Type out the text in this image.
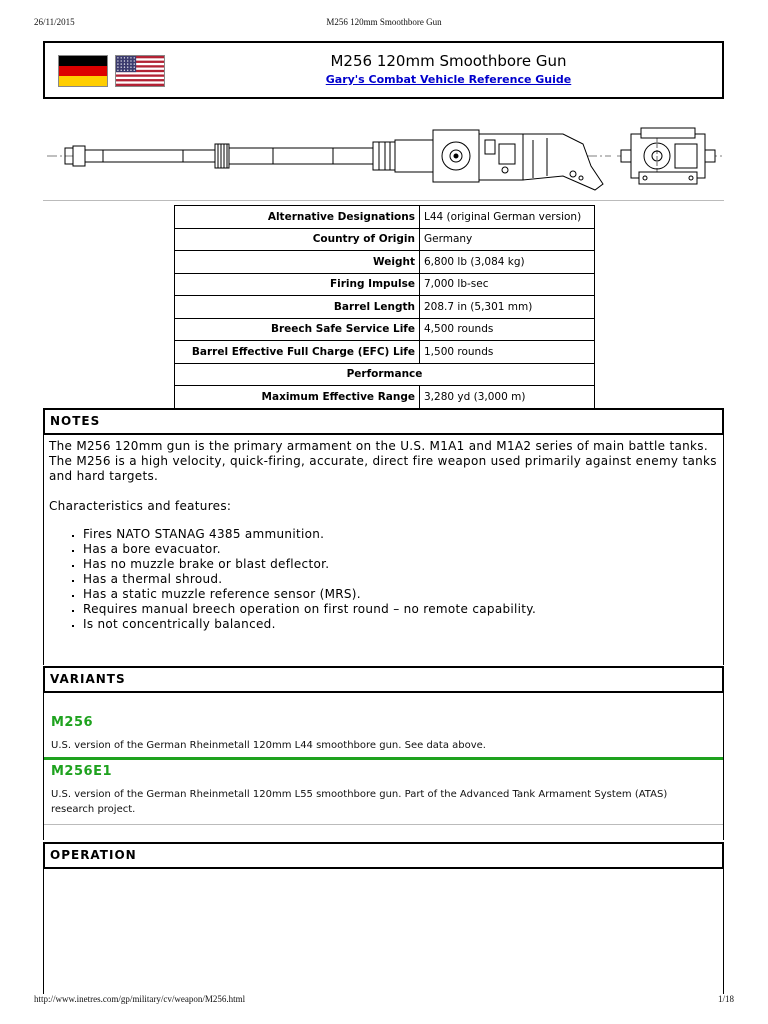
26/11/2015	M256 120mm Smoothbore Gun
M256 120mm Smoothbore Gun
Gary's Combat Vehicle Reference Guide
Alternative Designations	L44 (original German version)
Country of Origin	Germany
Weight	6,800 lb (3,084 kg)
Firing Impulse	7,000 lb-sec
Barrel Length	208.7 in (5,301 mm)
Breech Safe Service Life	4,500 rounds
Barrel Effective Full Charge (EFC) Life	1,500 rounds
Performance	
Maximum Effective Range	3,280 yd (3,000 m)
NOTES

The M256 120mm gun is the primary armament on the U.S. M1A1 and M1A2 series of main battle tanks. The M256 is a high velocity, quick-firing, accurate, direct fire weapon used primarily against enemy tanks and hard targets.

Characteristics and features:

▪ Fires NATO STANAG 4385 ammunition.
▪ Has a bore evacuator.
▪ Has no muzzle brake or blast deflector.
▪ Has a thermal shroud.
▪ Has a static muzzle reference sensor (MRS).
▪ Requires manual breech operation on first round – no remote capability.
▪ Is not concentrically balanced.
VARIANTS
M256
U.S. version of the German Rheinmetall 120mm L44 smoothbore gun. See data above.
M256E1
U.S. version of the German Rheinmetall 120mm L55 smoothbore gun. Part of the Advanced Tank Armament System (ATAS) research project.
OPERATION
http://www.inetres.com/gp/military/cv/weapon/M256.html	1/18
